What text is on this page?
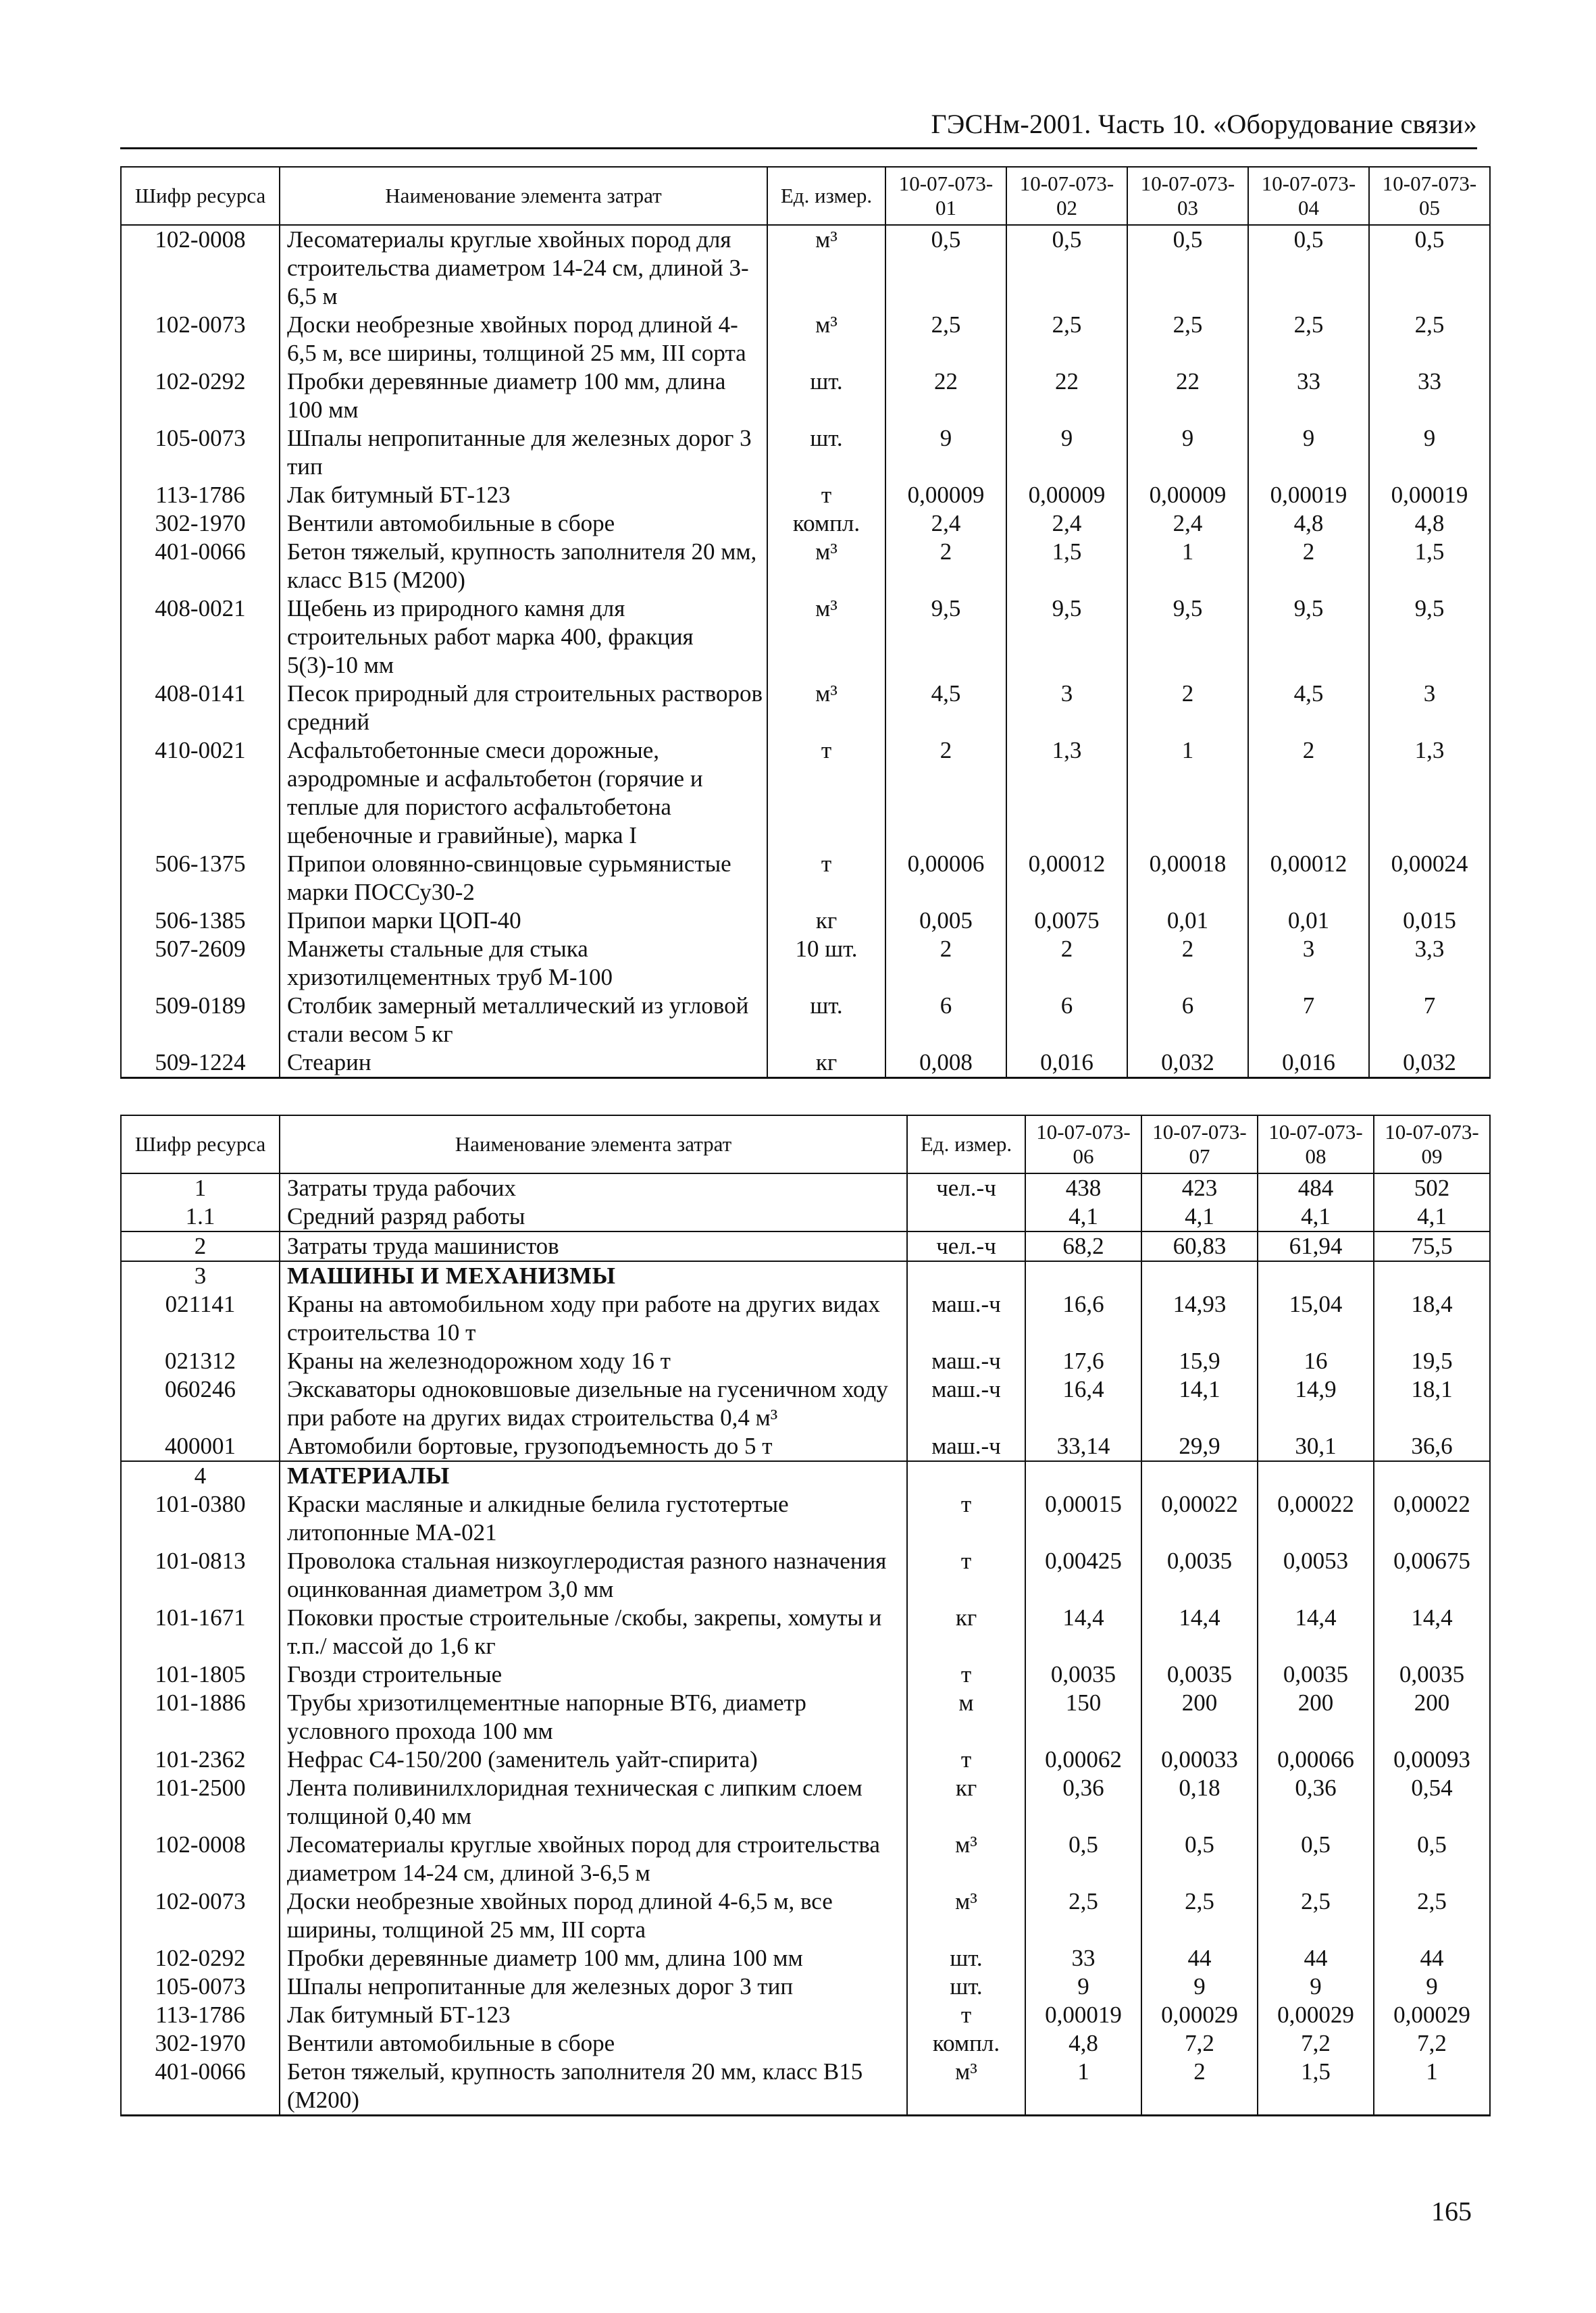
ГЭСНм-2001. Часть 10. «Оборудование связи»
Шифр ресурса	Наименование элемента затрат	Ед. измер.	10-07-073-01	10-07-073-02	10-07-073-03	10-07-073-04	10-07-073-05
102-0008	Лесоматериалы круглые хвойных пород для строительства диаметром 14-24 см, длиной 3-6,5 м	м³	0,5	0,5	0,5	0,5	0,5
102-0073	Доски необрезные хвойных пород длиной 4-6,5 м, все ширины, толщиной 25 мм, III сорта	м³	2,5	2,5	2,5	2,5	2,5
102-0292	Пробки деревянные диаметр 100 мм, длина 100 мм	шт.	22	22	22	33	33
105-0073	Шпалы непропитанные для железных дорог 3 тип	шт.	9	9	9	9	9
113-1786	Лак битумный БТ-123	т	0,00009	0,00009	0,00009	0,00019	0,00019
302-1970	Вентили автомобильные в сборе	компл.	2,4	2,4	2,4	4,8	4,8
401-0066	Бетон тяжелый, крупность заполнителя 20 мм, класс В15 (М200)	м³	2	1,5	1	2	1,5
408-0021	Щебень из природного камня для строительных работ марка 400, фракция 5(3)-10 мм	м³	9,5	9,5	9,5	9,5	9,5
408-0141	Песок природный для строительных растворов средний	м³	4,5	3	2	4,5	3
410-0021	Асфальтобетонные смеси дорожные, аэродромные и асфальтобетон (горячие и теплые для пористого асфальтобетона щебеночные и гравийные), марка I	т	2	1,3	1	2	1,3
506-1375	Припои оловянно-свинцовые сурьмянистые марки ПОССу30-2	т	0,00006	0,00012	0,00018	0,00012	0,00024
506-1385	Припои марки ЦОП-40	кг	0,005	0,0075	0,01	0,01	0,015
507-2609	Манжеты стальные для стыка хризотилцементных труб М-100	10 шт.	2	2	2	3	3,3
509-0189	Столбик замерный металлический из угловой стали весом 5 кг	шт.	6	6	6	7	7
509-1224	Стеарин	кг	0,008	0,016	0,032	0,016	0,032
Шифр ресурса	Наименование элемента затрат	Ед. измер.	10-07-073-06	10-07-073-07	10-07-073-08	10-07-073-09
1	Затраты труда рабочих	чел.-ч	438	423	484	502
1.1	Средний разряд работы		4,1	4,1	4,1	4,1
2	Затраты труда машинистов	чел.-ч	68,2	60,83	61,94	75,5
3	МАШИНЫ И МЕХАНИЗМЫ					
021141	Краны на автомобильном ходу при работе на других видах строительства 10 т	маш.-ч	16,6	14,93	15,04	18,4
021312	Краны на железнодорожном ходу 16 т	маш.-ч	17,6	15,9	16	19,5
060246	Экскаваторы одноковшовые дизельные на гусеничном ходу при работе на других видах строительства 0,4 м³	маш.-ч	16,4	14,1	14,9	18,1
400001	Автомобили бортовые, грузоподъемность до 5 т	маш.-ч	33,14	29,9	30,1	36,6
4	МАТЕРИАЛЫ					
101-0380	Краски масляные и алкидные белила густотертые литопонные МА-021	т	0,00015	0,00022	0,00022	0,00022
101-0813	Проволока стальная низкоуглеродистая разного назначения оцинкованная диаметром 3,0 мм	т	0,00425	0,0035	0,0053	0,00675
101-1671	Поковки простые строительные /скобы, закрепы, хомуты и т.п./ массой до 1,6 кг	кг	14,4	14,4	14,4	14,4
101-1805	Гвозди строительные	т	0,0035	0,0035	0,0035	0,0035
101-1886	Трубы хризотилцементные напорные ВТ6, диаметр условного прохода 100 мм	м	150	200	200	200
101-2362	Нефрас С4-150/200 (заменитель уайт-спирита)	т	0,00062	0,00033	0,00066	0,00093
101-2500	Лента поливинилхлоридная техническая с липким слоем толщиной 0,40 мм	кг	0,36	0,18	0,36	0,54
102-0008	Лесоматериалы круглые хвойных пород для строительства диаметром 14-24 см, длиной 3-6,5 м	м³	0,5	0,5	0,5	0,5
102-0073	Доски необрезные хвойных пород длиной 4-6,5 м, все ширины, толщиной 25 мм, III сорта	м³	2,5	2,5	2,5	2,5
102-0292	Пробки деревянные диаметр 100 мм, длина 100 мм	шт.	33	44	44	44
105-0073	Шпалы непропитанные для железных дорог 3 тип	шт.	9	9	9	9
113-1786	Лак битумный БТ-123	т	0,00019	0,00029	0,00029	0,00029
302-1970	Вентили автомобильные в сборе	компл.	4,8	7,2	7,2	7,2
401-0066	Бетон тяжелый, крупность заполнителя 20 мм, класс В15 (М200)	м³	1	2	1,5	1
165
